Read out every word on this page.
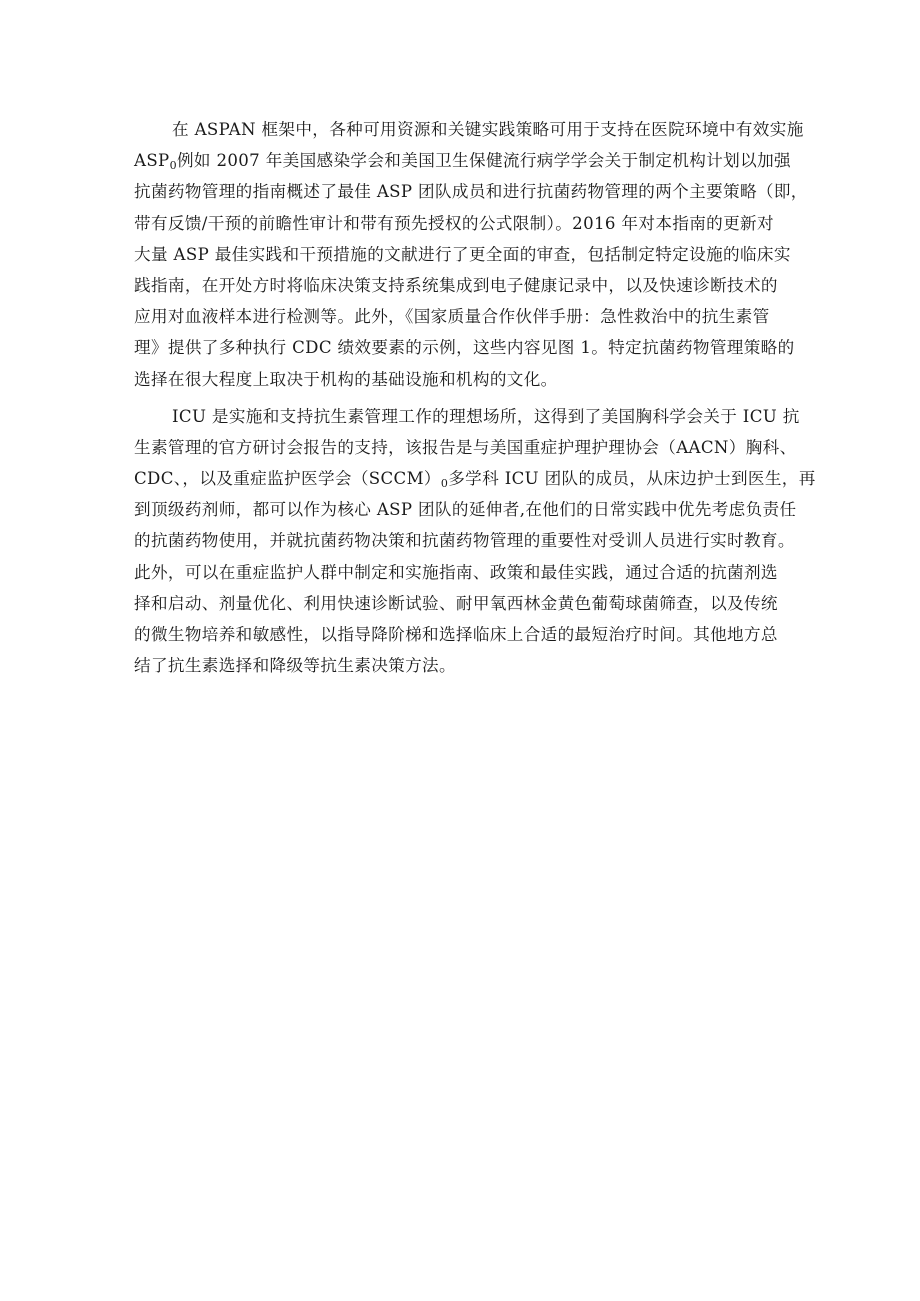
在 ASPAN 框架中，各种可用资源和关键实践策略可用于支持在医院环境中有效实施
$ASP_0$例如 2007 年美国感染学会和美国卫生保健流行病学学会关于制定机构计划以加强
抗菌药物管理的指南概述了最佳 ASP 团队成员和进行抗菌药物管理的两个主要策略（即，
带有反馈/干预的前瞻性审计和带有预先授权的公式限制）。2016 年对本指南的更新对
大量 ASP 最佳实践和干预措施的文献进行了更全面的审查，包括制定特定设施的临床实
践指南，在开处方时将临床决策支持系统集成到电子健康记录中，以及快速诊断技术的
应用对血液样本进行检测等。此外，《国家质量合作伙伴手册：急性救治中的抗生素管
理》提供了多种执行 CDC 绩效要素的示例，这些内容见图 1。特定抗菌药物管理策略的
选择在很大程度上取决于机构的基础设施和机构的文化。
ICU 是实施和支持抗生素管理工作的理想场所，这得到了美国胸科学会关于 ICU 抗
生素管理的官方研讨会报告的支持，该报告是与美国重症护理护理协会（AACN）胸科、
CDC、，以及重症监护医学会$(SCCM)_0$多学科 ICU 团队的成员，从床边护士到医生，再
到顶级药剂师，都可以作为核心 ASP 团队的延伸者,在他们的日常实践中优先考虑负责任
的抗菌药物使用，并就抗菌药物决策和抗菌药物管理的重要性对受训人员进行实时教育。
此外，可以在重症监护人群中制定和实施指南、政策和最佳实践，通过合适的抗菌剂选
择和启动、剂量优化、利用快速诊断试验、耐甲氧西林金黄色葡萄球菌筛查，以及传统
的微生物培养和敏感性，以指导降阶梯和选择临床上合适的最短治疗时间。其他地方总
结了抗生素选择和降级等抗生素决策方法。
